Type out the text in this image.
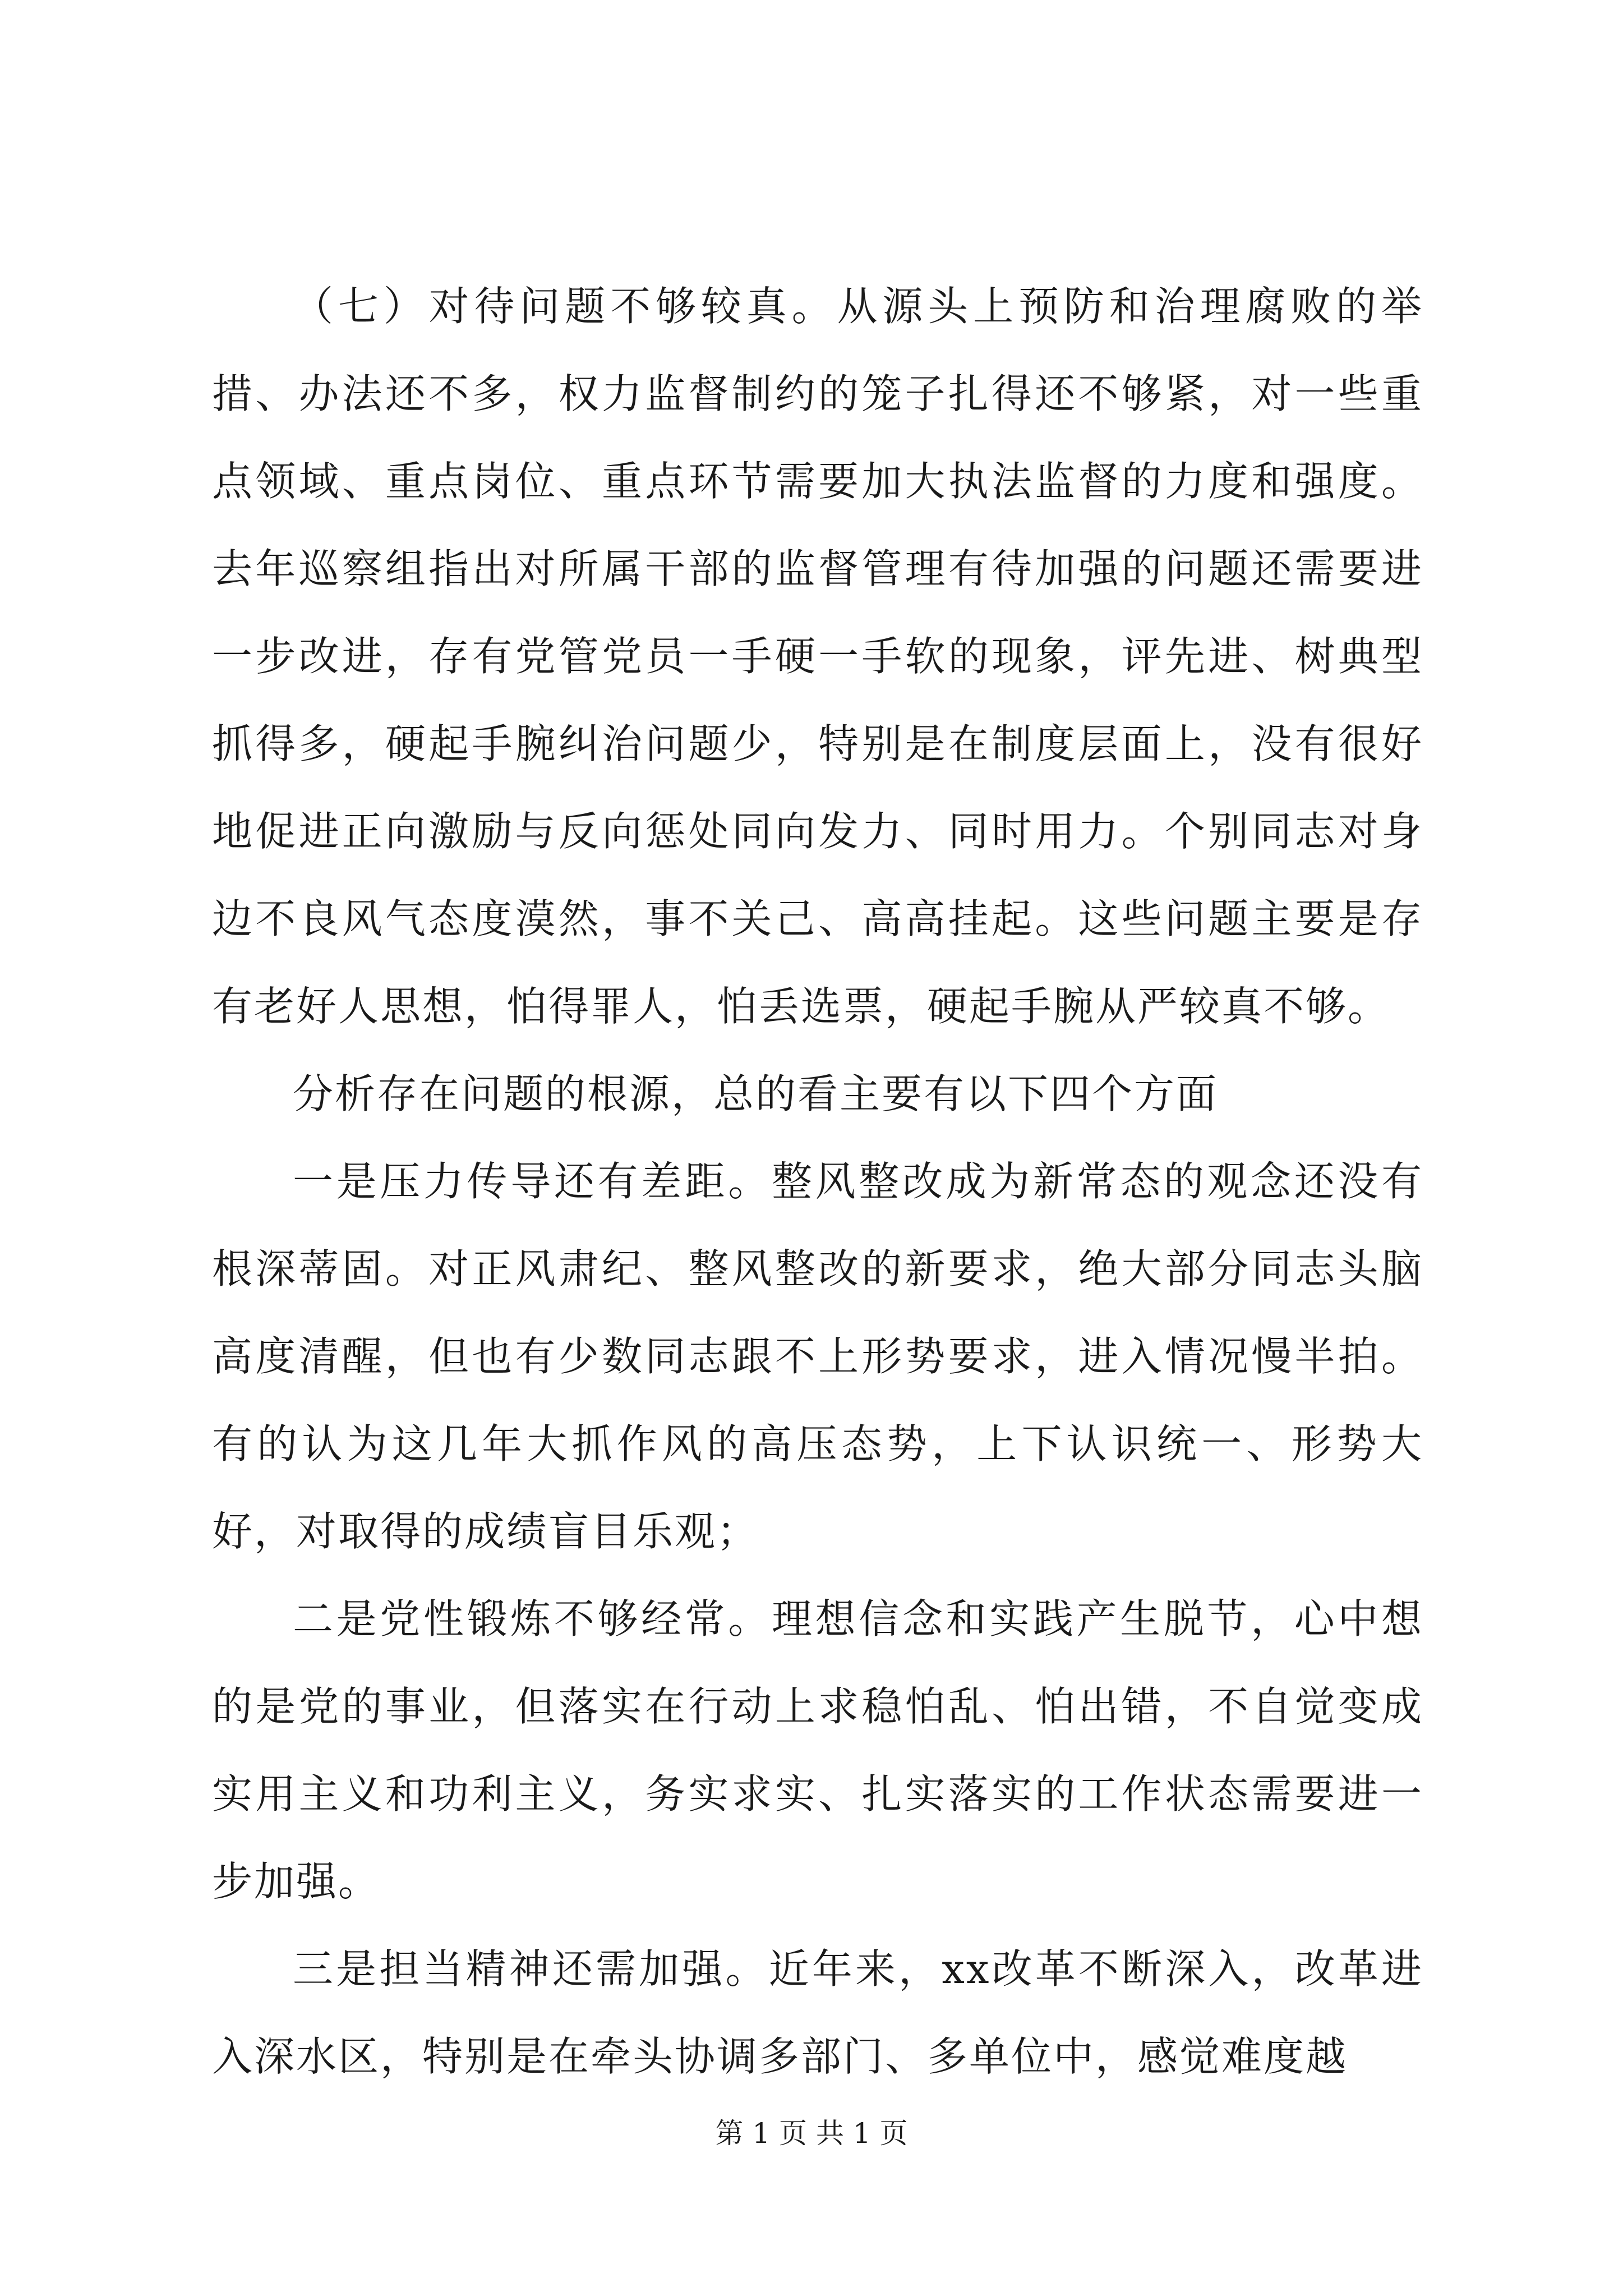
（七）对待问题不够较真。从源头上预防和治理腐败的举措、办法还不多，权力监督制约的笼子扎得还不够紧，对一些重点领域、重点岗位、重点环节需要加大执法监督的力度和强度。去年巡察组指出对所属干部的监督管理有待加强的问题还需要进一步改进，存有党管党员一手硬一手软的现象，评先进、树典型抓得多，硬起手腕纠治问题少，特别是在制度层面上，没有很好地促进正向激励与反向惩处同向发力、同时用力。个别同志对身边不良风气态度漠然，事不关己、高高挂起。这些问题主要是存有老好人思想，怕得罪人，怕丢选票，硬起手腕从严较真不够。

分析存在问题的根源，总的看主要有以下四个方面

一是压力传导还有差距。整风整改成为新常态的观念还没有根深蒂固。对正风肃纪、整风整改的新要求，绝大部分同志头脑高度清醒，但也有少数同志跟不上形势要求，进入情况慢半拍。有的认为这几年大抓作风的高压态势，上下认识统一、形势大好，对取得的成绩盲目乐观；

二是党性锻炼不够经常。理想信念和实践产生脱节，心中想的是党的事业，但落实在行动上求稳怕乱、怕出错，不自觉变成实用主义和功利主义，务实求实、扎实落实的工作状态需要进一步加强。

三是担当精神还需加强。近年来，xx改革不断深入，改革进入深水区，特别是在牵头协调多部门、多单位中，感觉难度越

第 1 页 共 1 页
